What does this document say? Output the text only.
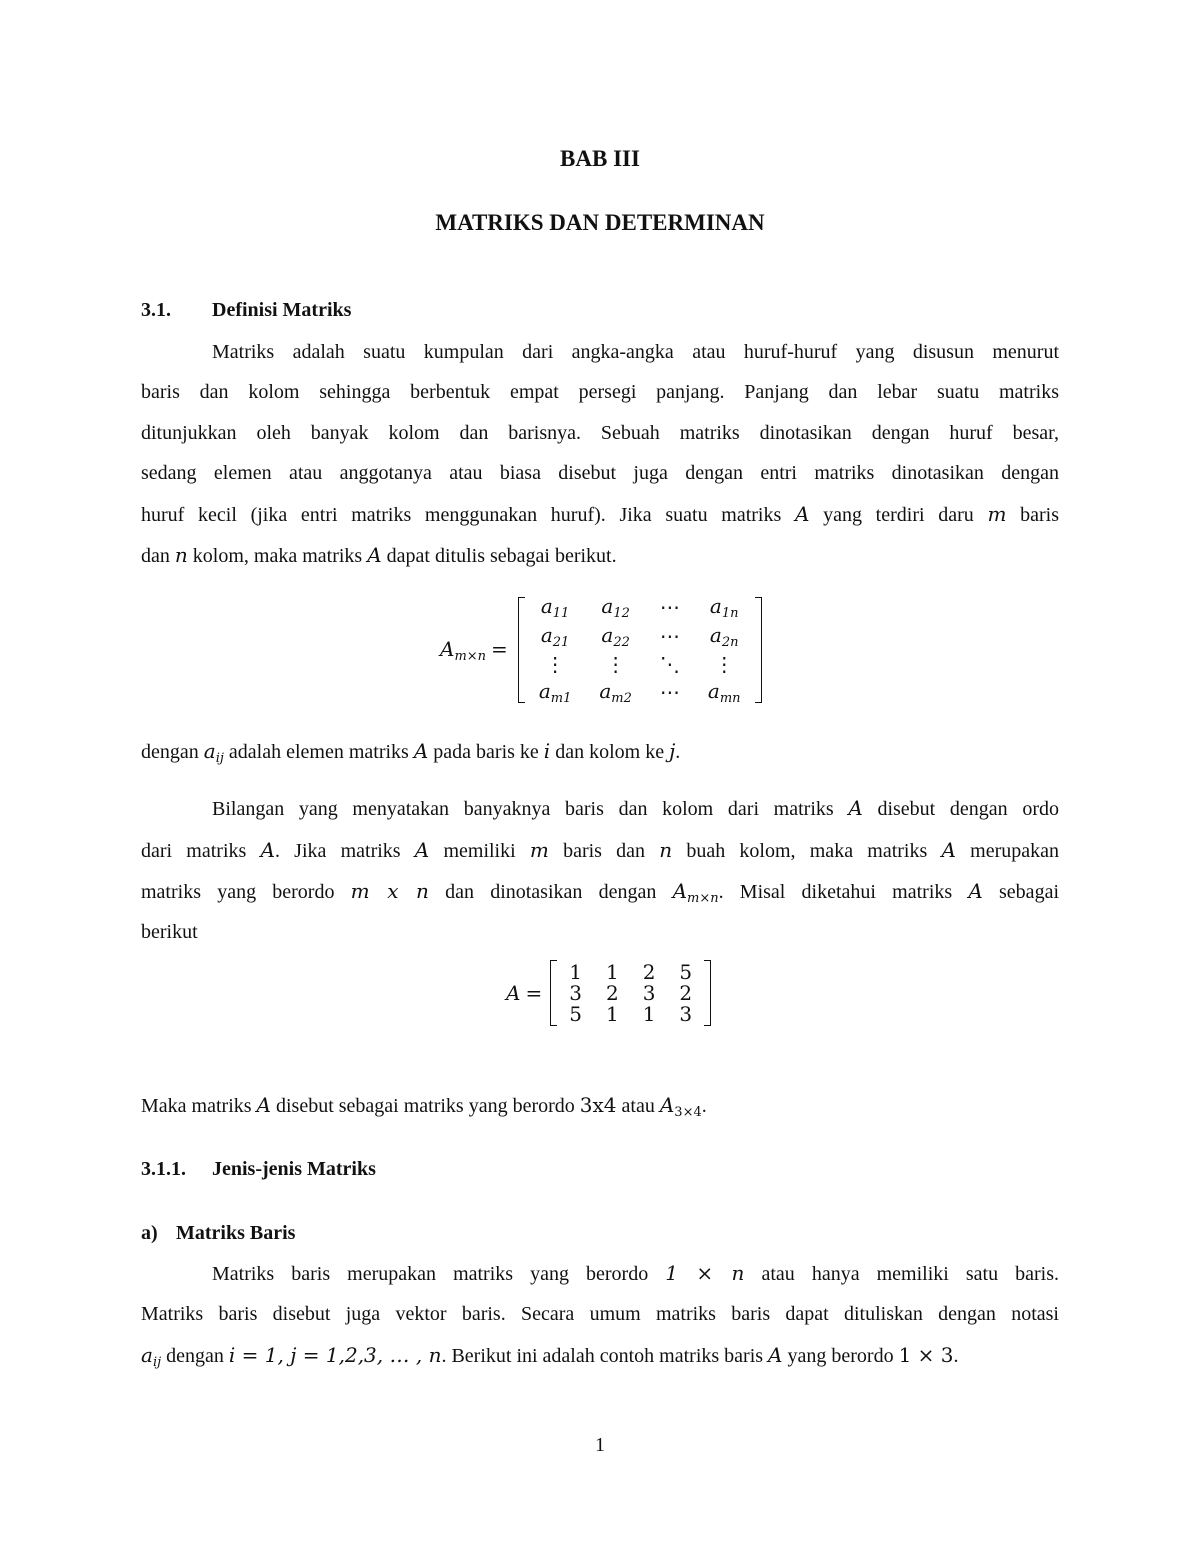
BAB III
MATRIKS DAN DETERMINAN
3.1. Definisi Matriks
Matriks adalah suatu kumpulan dari angka-angka atau huruf-huruf yang disusun menurut
baris dan kolom sehingga berbentuk empat persegi panjang. Panjang dan lebar suatu matriks
ditunjukkan oleh banyak kolom dan barisnya. Sebuah matriks dinotasikan dengan huruf besar,
sedang elemen atau anggotanya atau biasa disebut juga dengan entri matriks dinotasikan dengan
huruf kecil (jika entri matriks menggunakan huruf). Jika suatu matriks A yang terdiri daru m baris
dan n kolom, maka matriks A dapat ditulis sebagai berikut.
$A_{m\times n}$ =
$a_{11}$	$a_{12}$	⋯	$a_{1n}$
$a_{21}$	$a_{22}$	⋯	$a_{2n}$
⋮	⋮	⋱	⋮
$a_{m1}$	$a_{m2}$	⋯	$a_{mn}$
dengan $a_{ij}$ adalah elemen matriks A pada baris ke i dan kolom ke j.
Bilangan yang menyatakan banyaknya baris dan kolom dari matriks A disebut dengan ordo
dari matriks A. Jika matriks A memiliki m baris dan n buah kolom, maka matriks A merupakan
matriks yang berordo m x n dan dinotasikan dengan $A_{m\times n}$. Misal diketahui matriks A sebagai
berikut
A =
1	1	2	5
3	2	3	2
5	1	1	3
Maka matriks A disebut sebagai matriks yang berordo 3x4 atau $A_{3\times 4}$.
3.1.1. Jenis-jenis Matriks
a) Matriks Baris
Matriks baris merupakan matriks yang berordo 1 × n atau hanya memiliki satu baris.
Matriks baris disebut juga vektor baris. Secara umum matriks baris dapat dituliskan dengan notasi
$a_{ij}$ dengan i = 1, j = 1,2,3, … , n. Berikut ini adalah contoh matriks baris A yang berordo 1 × 3.
1
